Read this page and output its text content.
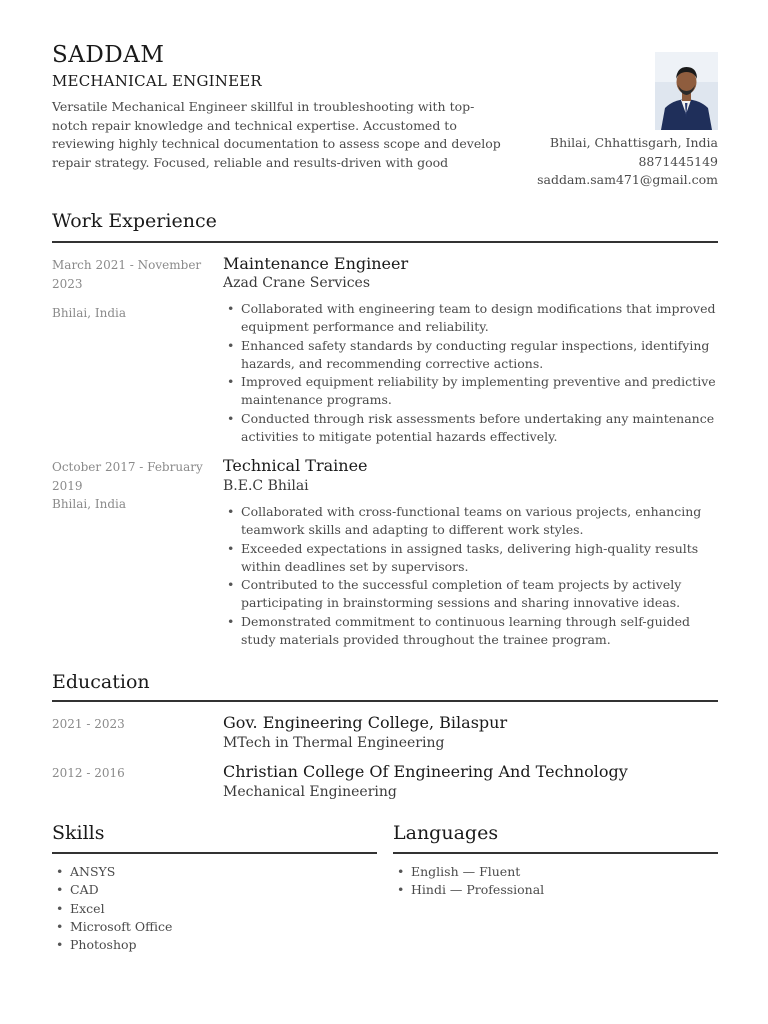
SADDAM
MECHANICAL ENGINEER
Versatile Mechanical Engineer skillful in troubleshooting with top-notch repair knowledge and technical expertise. Accustomed to reviewing highly technical documentation to assess scope and develop repair strategy. Focused, reliable and results-driven with good
Bhilai, Chhattisgarh, India
8871445149
saddam.sam471@gmail.com
Work Experience
March 2021 - November 2023
Bhilai, India
Maintenance Engineer
Azad Crane Services
• Collaborated with engineering team to design modifications that improved equipment performance and reliability.
• Enhanced safety standards by conducting regular inspections, identifying hazards, and recommending corrective actions.
• Improved equipment reliability by implementing preventive and predictive maintenance programs.
• Conducted through risk assessments before undertaking any maintenance activities to mitigate potential hazards effectively.
October 2017 - February 2019
Bhilai, India
Technical Trainee
B.E.C Bhilai
• Collaborated with cross-functional teams on various projects, enhancing teamwork skills and adapting to different work styles.
• Exceeded expectations in assigned tasks, delivering high-quality results within deadlines set by supervisors.
• Contributed to the successful completion of team projects by actively participating in brainstorming sessions and sharing innovative ideas.
• Demonstrated commitment to continuous learning through self-guided study materials provided throughout the trainee program.
Education
2021 - 2023	Gov. Engineering College, Bilaspur
MTech in Thermal Engineering
2012 - 2016	Christian College Of Engineering And Technology
Mechanical Engineering
Skills
• ANSYS
• CAD
• Excel
• Microsoft Office
• Photoshop
Languages
• English — Fluent
• Hindi — Professional
